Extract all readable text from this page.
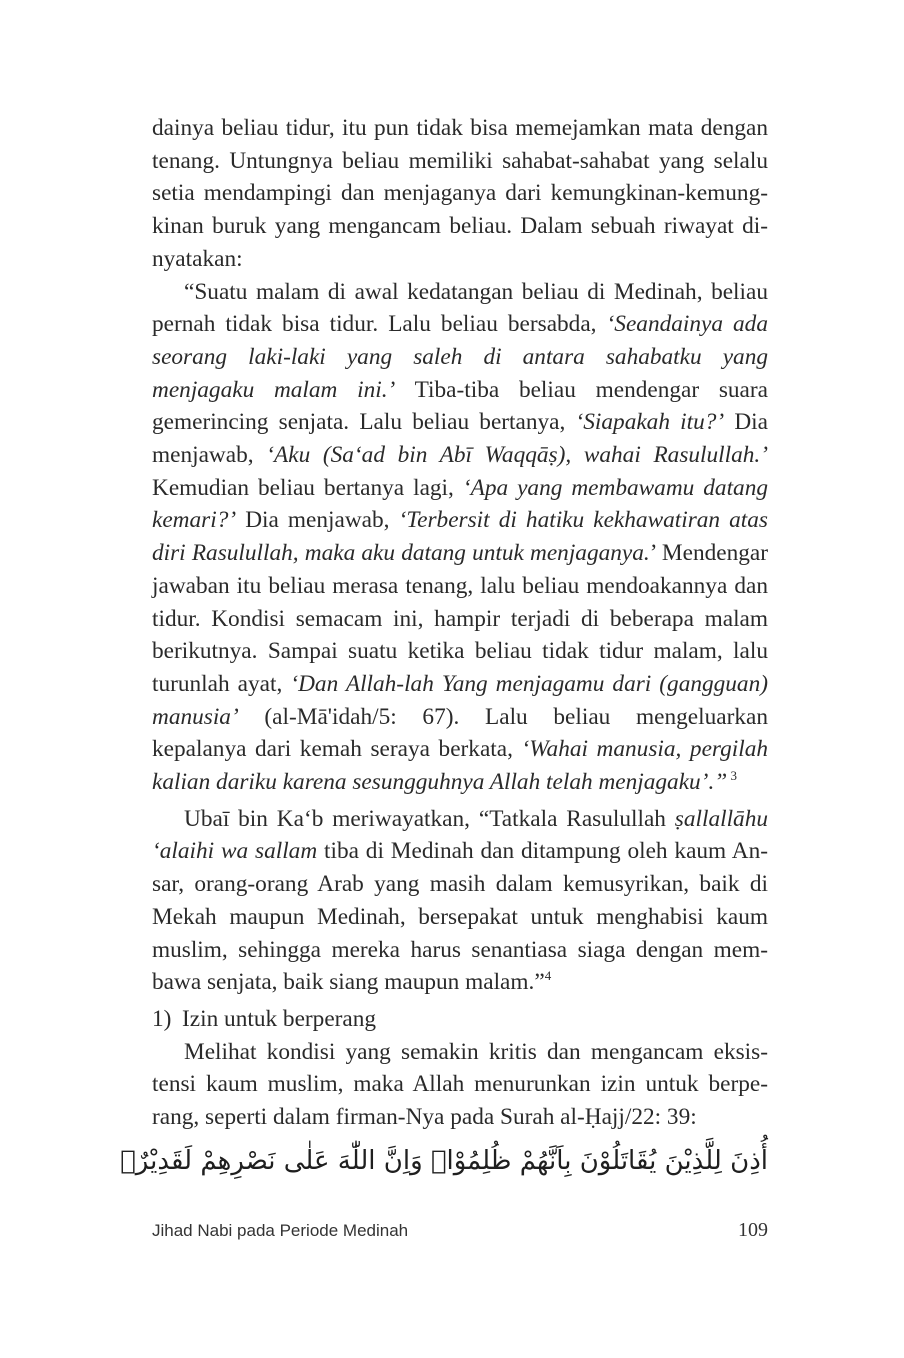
dainya beliau tidur, itu pun tidak bisa memejamkan mata dengan tenang. Untungnya beliau memiliki sahabat-sahabat yang selalu setia mendampingi dan menjaganya dari kemungkinan-kemungkinan buruk yang mengancam beliau. Dalam sebuah riwayat dinyatakan:

“Suatu malam di awal kedatangan beliau di Medinah, beliau pernah tidak bisa tidur. Lalu beliau bersabda, ‘Seandainya ada seorang laki-laki yang saleh di antara sahabatku yang menjagaku malam ini.’ Tiba-tiba beliau mendengar suara gemerincing senjata. Lalu beliau bertanya, ‘Siapakah itu?’ Dia menjawab, ‘Aku (Sa‘ad bin Abī Waqqāṣ), wahai Rasulullah.’ Kemudian beliau bertanya lagi, ‘Apa yang membawamu datang kemari?’ Dia menjawab, ‘Terbersit di hatiku kekhawatiran atas diri Rasulullah, maka aku datang untuk menjaganya.’ Mendengar jawaban itu beliau merasa tenang, lalu beliau mendoakannya dan tidur. Kondisi semacam ini, hampir terjadi di beberapa malam berikutnya. Sampai suatu ketika beliau tidak tidur malam, lalu turunlah ayat, ‘Dan Allah-lah Yang menjagamu dari (gangguan) manusia’ (al-Mā'idah/5: 67). Lalu beliau mengeluarkan kepalanya dari kemah seraya berkata, ‘Wahai manusia, pergilah kalian dariku karena sesungguhnya Allah telah menjagaku’.” $^3$

Ubaī bin Ka‘b meriwayatkan, “Tatkala Rasulullah ṣallallāhu ‘alaihi wa sallam tiba di Medinah dan ditampung oleh kaum Ansar, orang-orang Arab yang masih dalam kemusyrikan, baik di Mekah maupun Medinah, bersepakat untuk menghabisi kaum muslim, sehingga mereka harus senantiasa siaga dengan membawa senjata, baik siang maupun malam.”$^4$

1) Izin untuk berperang

Melihat kondisi yang semakin kritis dan mengancam eksistensi kaum muslim, maka Allah menurunkan izin untuk berperang, seperti dalam firman-Nya pada Surah al-Ḥajj/22: 39:

أُذِنَ لِلَّذِيْنَ يُقَاتَلُوْنَ بِاَنَّهُمْ ظُلِمُوْاۗ وَاِنَّ اللّٰهَ عَلٰى نَصْرِهِمْ لَقَدِيْرٌۙ
Jihad Nabi pada Periode Medinah	109
